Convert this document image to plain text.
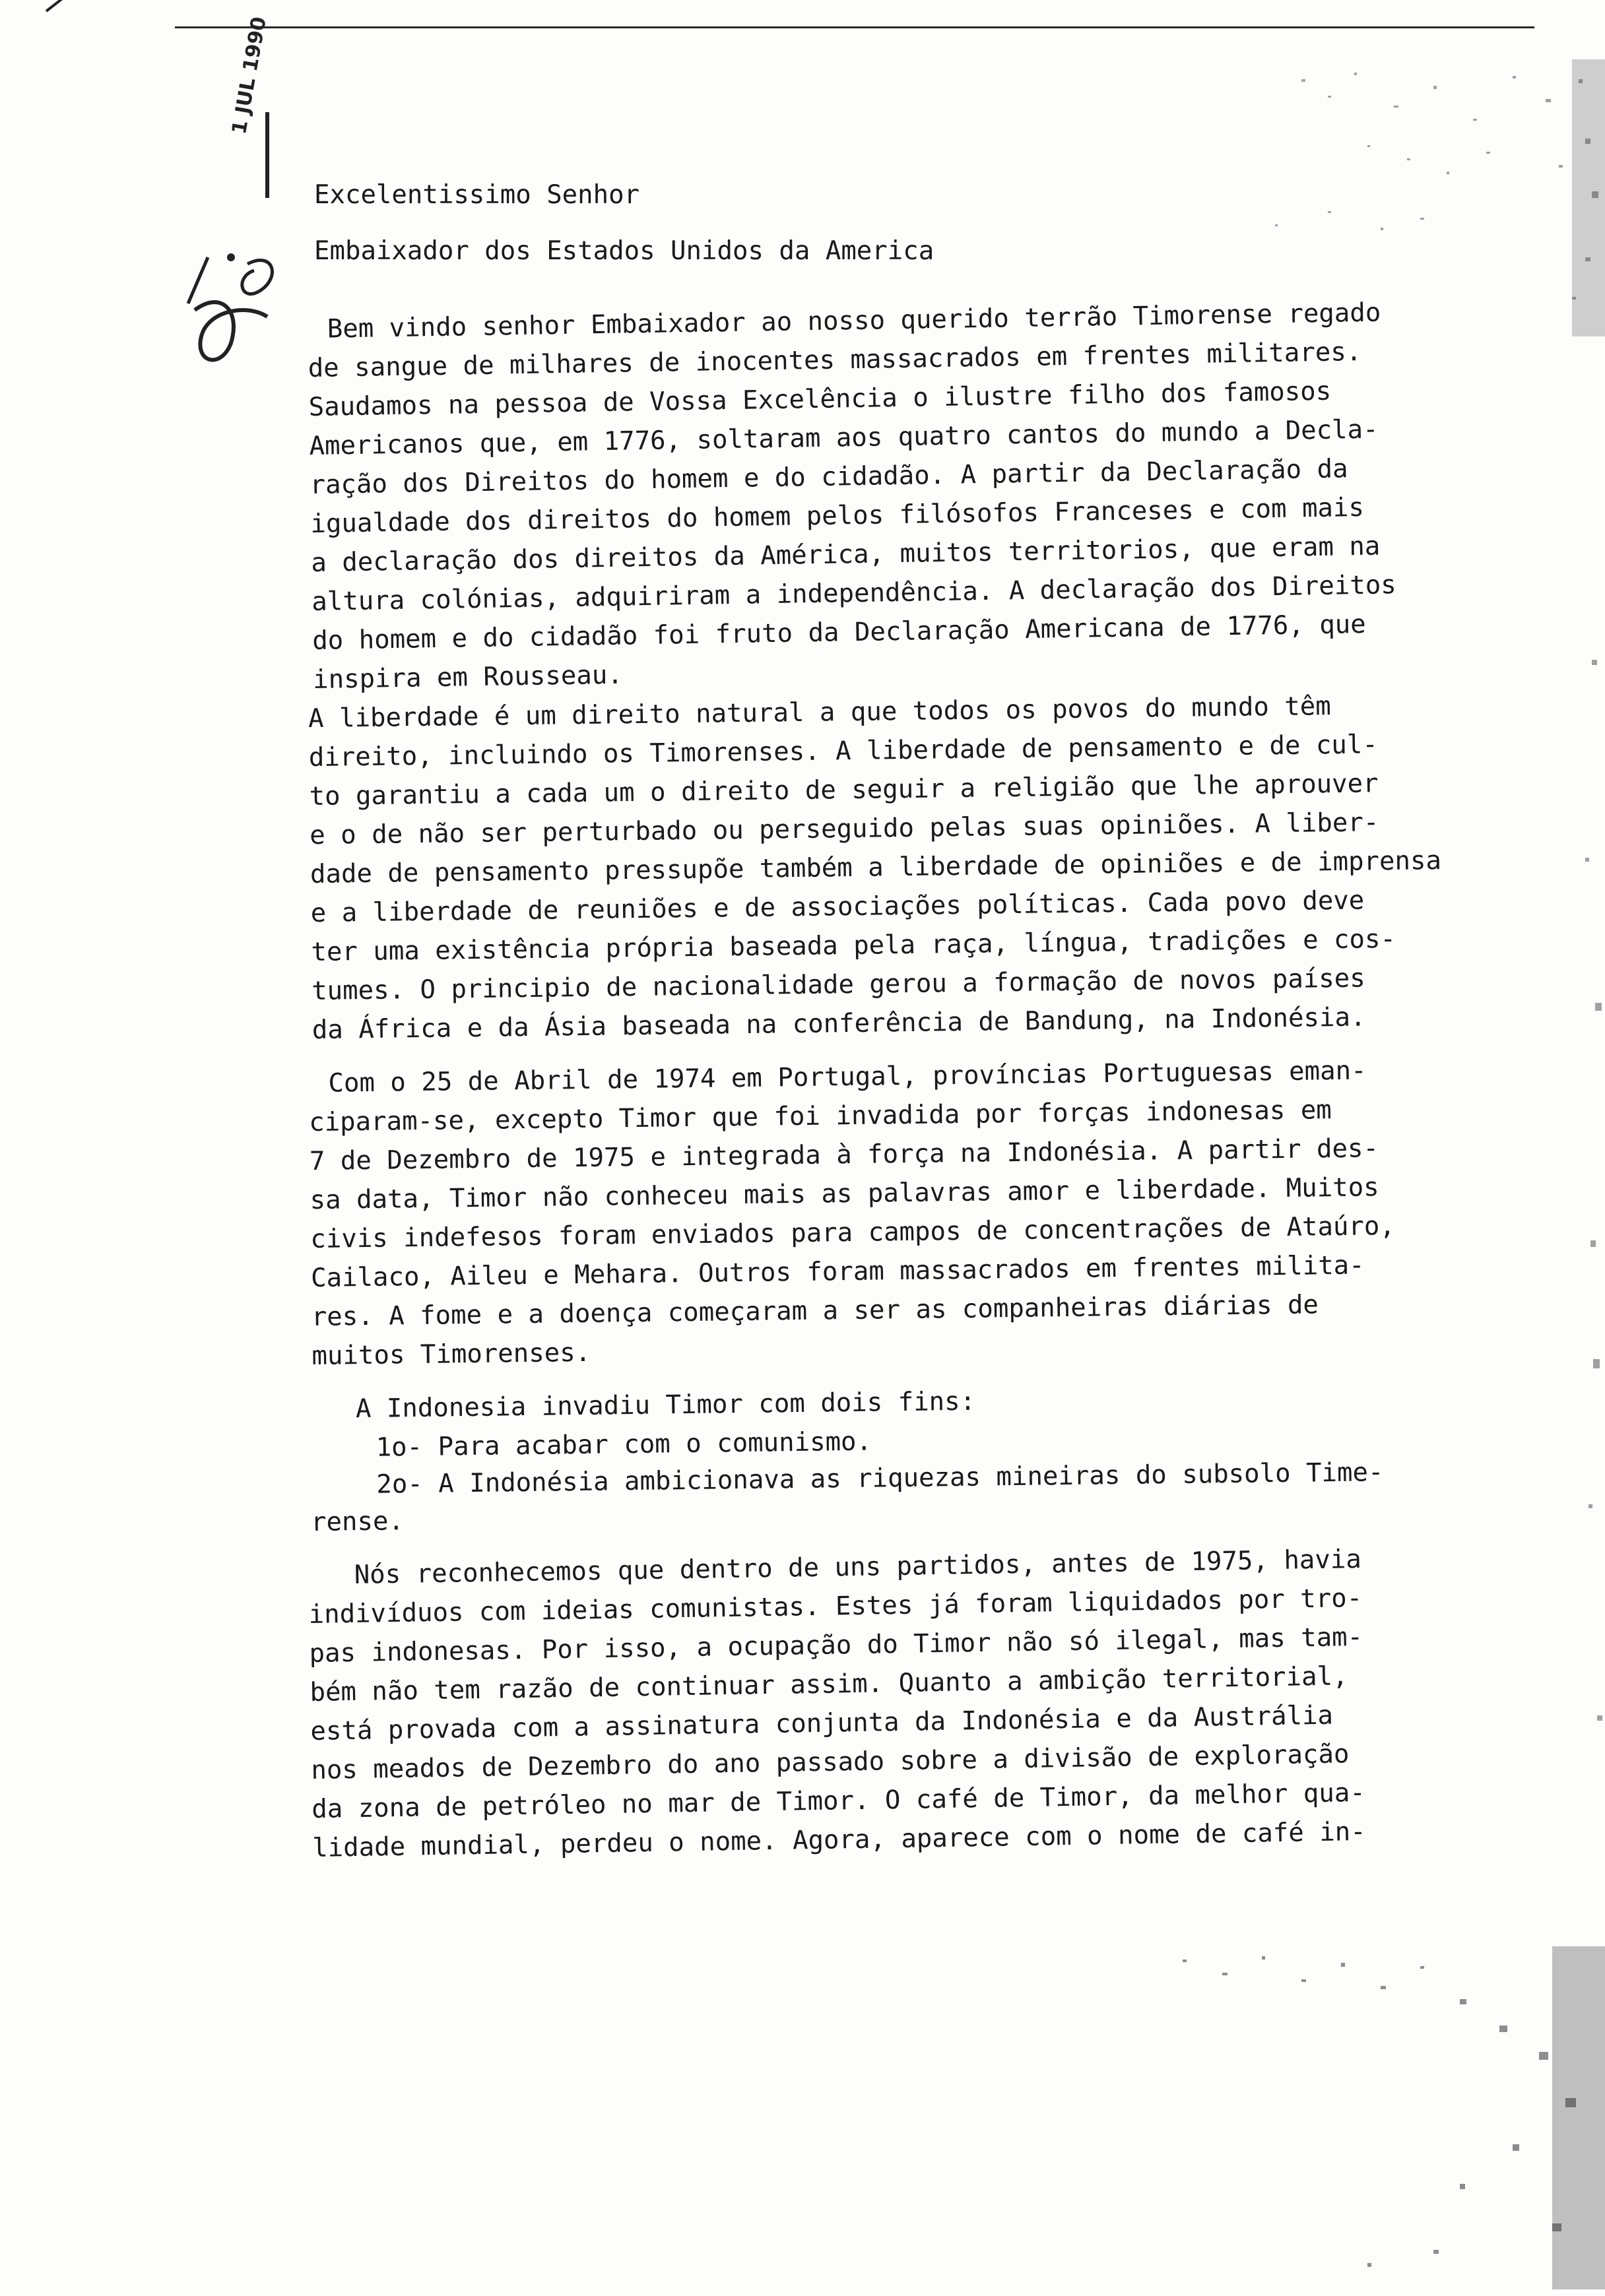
1 JUL 1990
Excelentissimo Senhor
Embaixador dos Estados Unidos da America
Bem vindo senhor Embaixador ao nosso querido terrão Timorense regado
de sangue de milhares de inocentes massacrados em frentes militares.
Saudamos na pessoa de Vossa Excelência o ilustre filho dos famosos
Americanos que, em 1776, soltaram aos quatro cantos do mundo a Decla-
ração dos Direitos do homem e do cidadão. A partir da Declaração da
igualdade dos direitos do homem pelos filósofos Franceses e com mais
a declaração dos direitos da América, muitos territorios, que eram na
altura colónias, adquiriram a independência. A declaração dos Direitos
do homem e do cidadão foi fruto da Declaração Americana de 1776, que
inspira em Rousseau.
A liberdade é um direito natural a que todos os povos do mundo têm
direito, incluindo os Timorenses. A liberdade de pensamento e de cul-
to garantiu a cada um o direito de seguir a religião que lhe aprouver
e o de não ser perturbado ou perseguido pelas suas opiniões. A liber-
dade de pensamento pressupõe também a liberdade de opiniões e de imprensa
e a liberdade de reuniões e de associações políticas. Cada povo deve
ter uma existência própria baseada pela raça, língua, tradições e cos-
tumes. O principio de nacionalidade gerou a formação de novos países
da África e da Ásia baseada na conferência de Bandung, na Indonésia.
Com o 25 de Abril de 1974 em Portugal, províncias Portuguesas eman-
ciparam-se, excepto Timor que foi invadida por forças indonesas em
7 de Dezembro de 1975 e integrada à força na Indonésia. A partir des-
sa data, Timor não conheceu mais as palavras amor e liberdade. Muitos
civis indefesos foram enviados para campos de concentrações de Ataúro,
Cailaco, Aileu e Mehara. Outros foram massacrados em frentes milita-
res. A fome e a doença começaram a ser as companheiras diárias de
muitos Timorenses.
A Indonesia invadiu Timor com dois fins:
1o- Para acabar com o comunismo.
2o- A Indonésia ambicionava as riquezas mineiras do subsolo Time-
rense.
Nós reconhecemos que dentro de uns partidos, antes de 1975, havia
indivíduos com ideias comunistas. Estes já foram liquidados por tro-
pas indonesas. Por isso, a ocupação do Timor não só ilegal, mas tam-
bém não tem razão de continuar assim. Quanto a ambição territorial,
está provada com a assinatura conjunta da Indonésia e da Austrália
nos meados de Dezembro do ano passado sobre a divisão de exploração
da zona de petróleo no mar de Timor. O café de Timor, da melhor qua-
lidade mundial, perdeu o nome. Agora, aparece com o nome de café in-
